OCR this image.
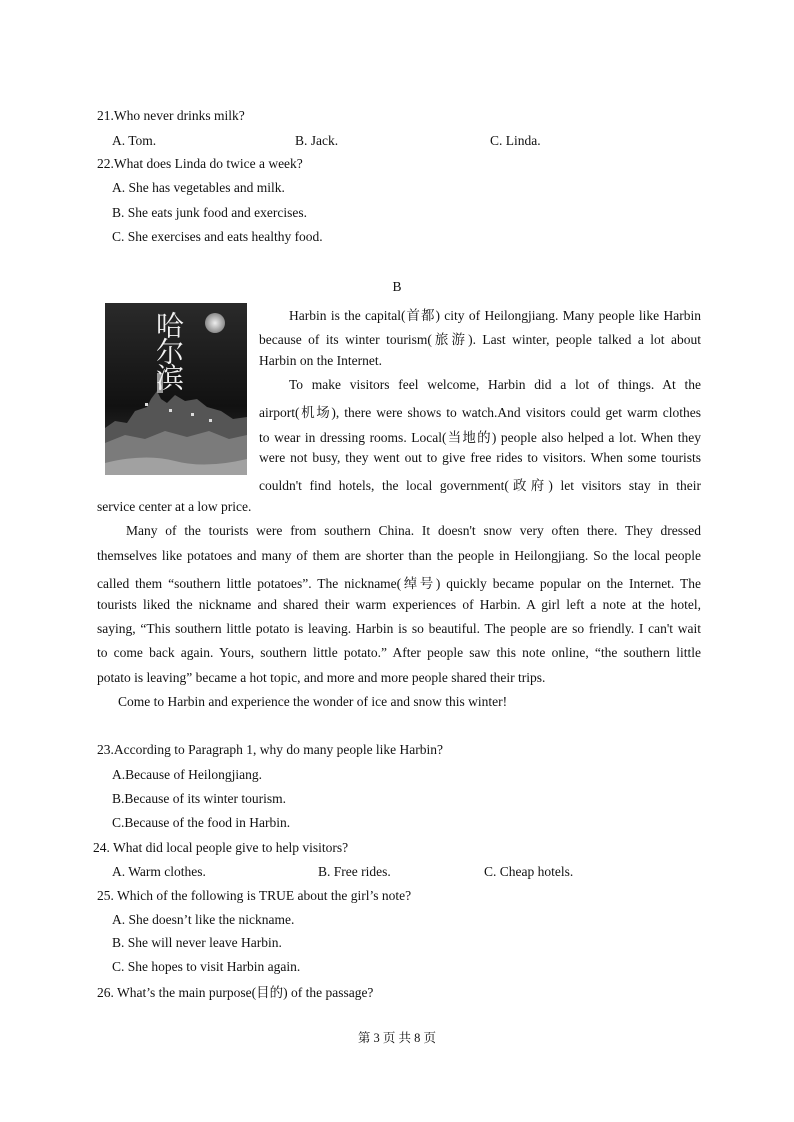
21.Who never drinks milk?
A. Tom.	B. Jack.	C. Linda.
22.What does Linda do twice a week?
A. She has vegetables and milk.
B. She eats junk food and exercises.
C. She exercises and eats healthy food.
B
哈尔滨	Harbin is the capital(首都) city of Heilongjiang. Many people like Harbin
because of its winter tourism(旅游). Last winter, people talked a lot about
Harbin on the Internet.
To make visitors feel welcome, Harbin did a lot of things. At the
airport(机场), there were shows to watch.And visitors could get warm clothes
to wear in dressing rooms. Local(当地的) people also helped a lot. When they
were not busy, they went out to give free rides to visitors. When some tourists
couldn't find hotels, the local government(政府) let visitors stay in their
service center at a low price.
Many of the tourists were from southern China. It doesn't snow very often there. They dressed
themselves like potatoes and many of them are shorter than the people in Heilongjiang. So the local people
called them “southern little potatoes”. The nickname(绰号) quickly became popular on the Internet. The
tourists liked the nickname and shared their warm experiences of Harbin. A girl left a note at the hotel,
saying, “This southern little potato is leaving. Harbin is so beautiful. The people are so friendly. I can't wait
to come back again. Yours, southern little potato.” After people saw this note online, “the southern little
potato is leaving” became a hot topic, and more and more people shared their trips.
Come to Harbin and experience the wonder of ice and snow this winter!
23.According to Paragraph 1, why do many people like Harbin?
A.Because of Heilongjiang.
B.Because of its winter tourism.
C.Because of the food in Harbin.
24. What did local people give to help visitors?
A. Warm clothes.	B. Free rides.	C. Cheap hotels.
25. Which of the following is TRUE about the girl’s note?
A. She doesn’t like the nickname.
B. She will never leave Harbin.
C. She hopes to visit Harbin again.
26. What’s the main purpose(目的) of the passage?
第 3 页 共 8 页
